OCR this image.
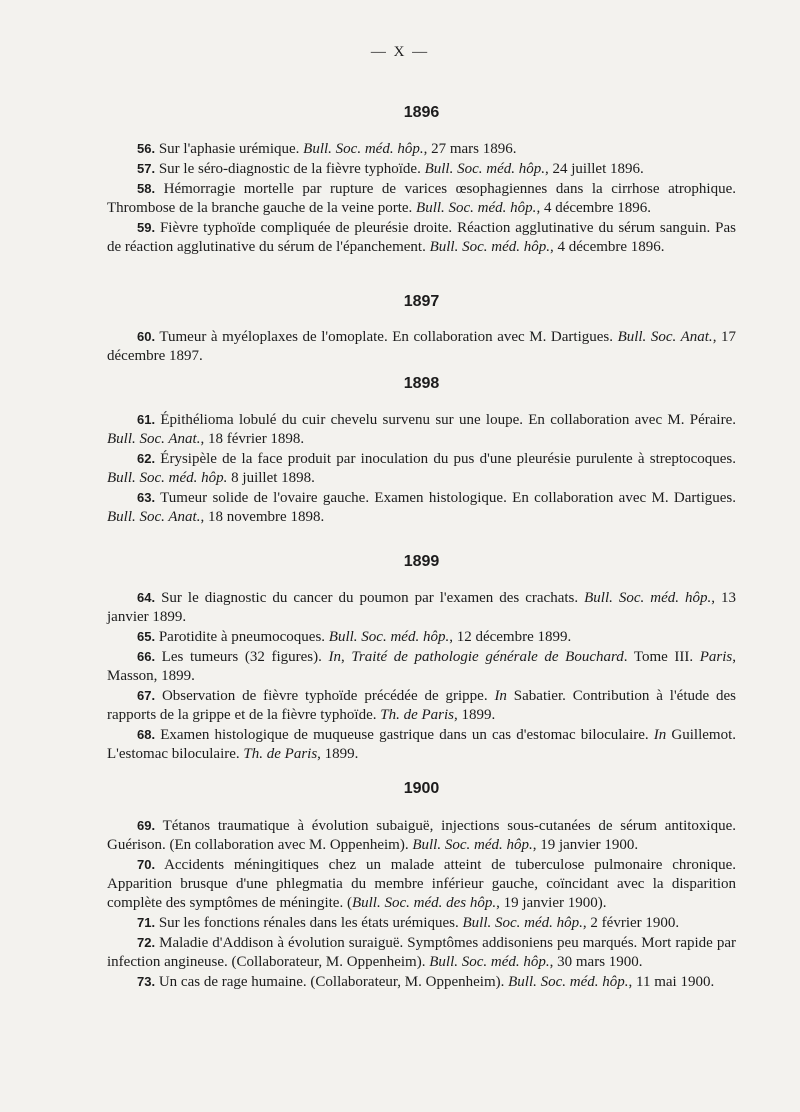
— X —
1896

56. Sur l'aphasie urémique. Bull. Soc. méd. hôp., 27 mars 1896.

57. Sur le séro-diagnostic de la fièvre typhoïde. Bull. Soc. méd. hôp., 24 juillet 1896.

58. Hémorragie mortelle par rupture de varices œsophagiennes dans la cirrhose atrophique. Thrombose de la branche gauche de la veine porte. Bull. Soc. méd. hôp., 4 décembre 1896.

59. Fièvre typhoïde compliquée de pleurésie droite. Réaction agglutinative du sérum sanguin. Pas de réaction agglutinative du sérum de l'épanchement. Bull. Soc. méd. hôp., 4 décembre 1896.

1897

60. Tumeur à myéloplaxes de l'omoplate. En collaboration avec M. Dartigues. Bull. Soc. Anat., 17 décembre 1897.

1898

61. Épithélioma lobulé du cuir chevelu survenu sur une loupe. En collaboration avec M. Péraire. Bull. Soc. Anat., 18 février 1898.

62. Érysipèle de la face produit par inoculation du pus d'une pleurésie purulente à streptocoques. Bull. Soc. méd. hôp. 8 juillet 1898.

63. Tumeur solide de l'ovaire gauche. Examen histologique. En collaboration avec M. Dartigues. Bull. Soc. Anat., 18 novembre 1898.

1899

64. Sur le diagnostic du cancer du poumon par l'examen des crachats. Bull. Soc. méd. hôp., 13 janvier 1899.

65. Parotidite à pneumocoques. Bull. Soc. méd. hôp., 12 décembre 1899.

66. Les tumeurs (32 figures). In, Traité de pathologie générale de Bouchard. Tome III. Paris, Masson, 1899.

67. Observation de fièvre typhoïde précédée de grippe. In Sabatier. Contribution à l'étude des rapports de la grippe et de la fièvre typhoïde. Th. de Paris, 1899.

68. Examen histologique de muqueuse gastrique dans un cas d'estomac biloculaire. In Guillemot. L'estomac biloculaire. Th. de Paris, 1899.

1900

69. Tétanos traumatique à évolution subaiguë, injections sous-cutanées de sérum antitoxique. Guérison. (En collaboration avec M. Oppenheim). Bull. Soc. méd. hôp., 19 janvier 1900.

70. Accidents méningitiques chez un malade atteint de tuberculose pulmonaire chronique. Apparition brusque d'une phlegmatia du membre inférieur gauche, coïncidant avec la disparition complète des symptômes de méningite. (Bull. Soc. méd. des hôp., 19 janvier 1900).

71. Sur les fonctions rénales dans les états urémiques. Bull. Soc. méd. hôp., 2 février 1900.

72. Maladie d'Addison à évolution suraiguë. Symptômes addisoniens peu marqués. Mort rapide par infection angineuse. (Collaborateur, M. Oppenheim). Bull. Soc. méd. hôp., 30 mars 1900.

73. Un cas de rage humaine. (Collaborateur, M. Oppenheim). Bull. Soc. méd. hôp., 11 mai 1900.
